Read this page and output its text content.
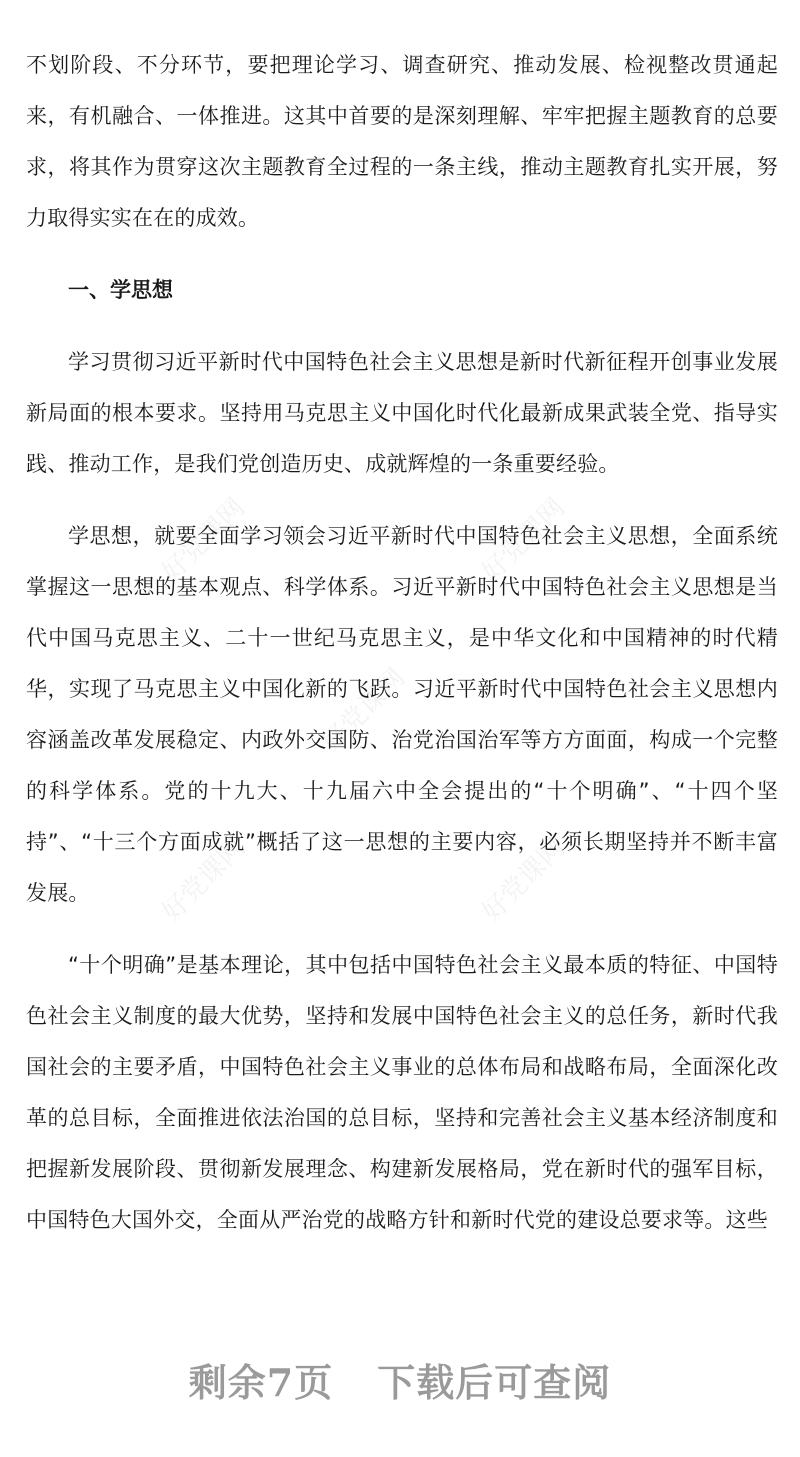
好党课网	好党课网
好党课网
好党课网	好党课网

不划阶段、不分环节，要把理论学习、调查研究、推动发展、检视整改贯通起来，有机融合、一体推进。这其中首要的是深刻理解、牢牢把握主题教育的总要求，将其作为贯穿这次主题教育全过程的一条主线，推动主题教育扎实开展，努力取得实实在在的成效。

一、学思想

学习贯彻习近平新时代中国特色社会主义思想是新时代新征程开创事业发展新局面的根本要求。坚持用马克思主义中国化时代化最新成果武装全党、指导实践、推动工作，是我们党创造历史、成就辉煌的一条重要经验。

学思想，就要全面学习领会习近平新时代中国特色社会主义思想，全面系统掌握这一思想的基本观点、科学体系。习近平新时代中国特色社会主义思想是当代中国马克思主义、二十一世纪马克思主义，是中华文化和中国精神的时代精华，实现了马克思主义中国化新的飞跃。习近平新时代中国特色社会主义思想内容涵盖改革发展稳定、内政外交国防、治党治国治军等方方面面，构成一个完整的科学体系。党的十九大、十九届六中全会提出的“十个明确”、“十四个坚持”、“十三个方面成就”概括了这一思想的主要内容，必须长期坚持并不断丰富发展。

“十个明确”是基本理论，其中包括中国特色社会主义最本质的特征、中国特色社会主义制度的最大优势，坚持和发展中国特色社会主义的总任务，新时代我国社会的主要矛盾，中国特色社会主义事业的总体布局和战略布局，全面深化改革的总目标，全面推进依法治国的总目标，坚持和完善社会主义基本经济制度和把握新发展阶段、贯彻新发展理念、构建新发展格局，党在新时代的强军目标，中国特色大国外交，全面从严治党的战略方针和新时代党的建设总要求等。这些

剩余7页 下载后可查阅
